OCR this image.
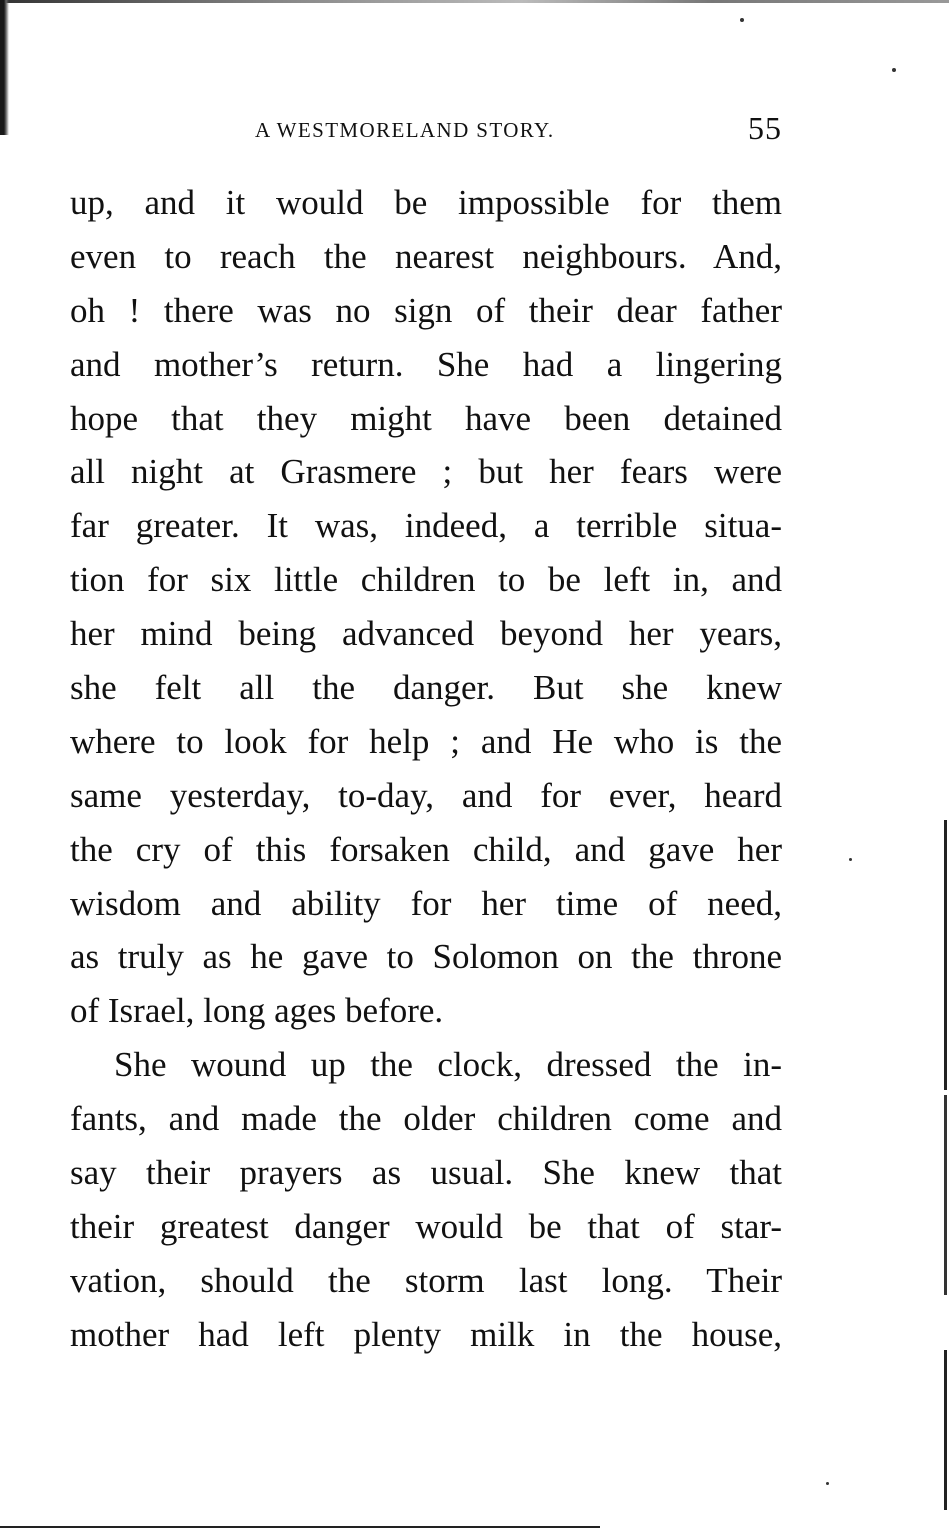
A WESTMORELAND STORY.	55
up, and it would be impossible for them
even to reach the nearest neighbours. And,
oh ! there was no sign of their dear father
and mother’s return. She had a lingering
hope that they might have been detained
all night at Grasmere ; but her fears were
far greater. It was, indeed, a terrible situa-
tion for six little children to be left in, and
her mind being advanced beyond her years,
she felt all the danger. But she knew
where to look for help ; and He who is the
same yesterday, to-day, and for ever, heard
the cry of this forsaken child, and gave her
wisdom and ability for her time of need,
as truly as he gave to Solomon on the throne
of Israel, long ages before.
She wound up the clock, dressed the in-
fants, and made the older children come and
say their prayers as usual. She knew that
their greatest danger would be that of star-
vation, should the storm last long. Their
mother had left plenty milk in the house,
